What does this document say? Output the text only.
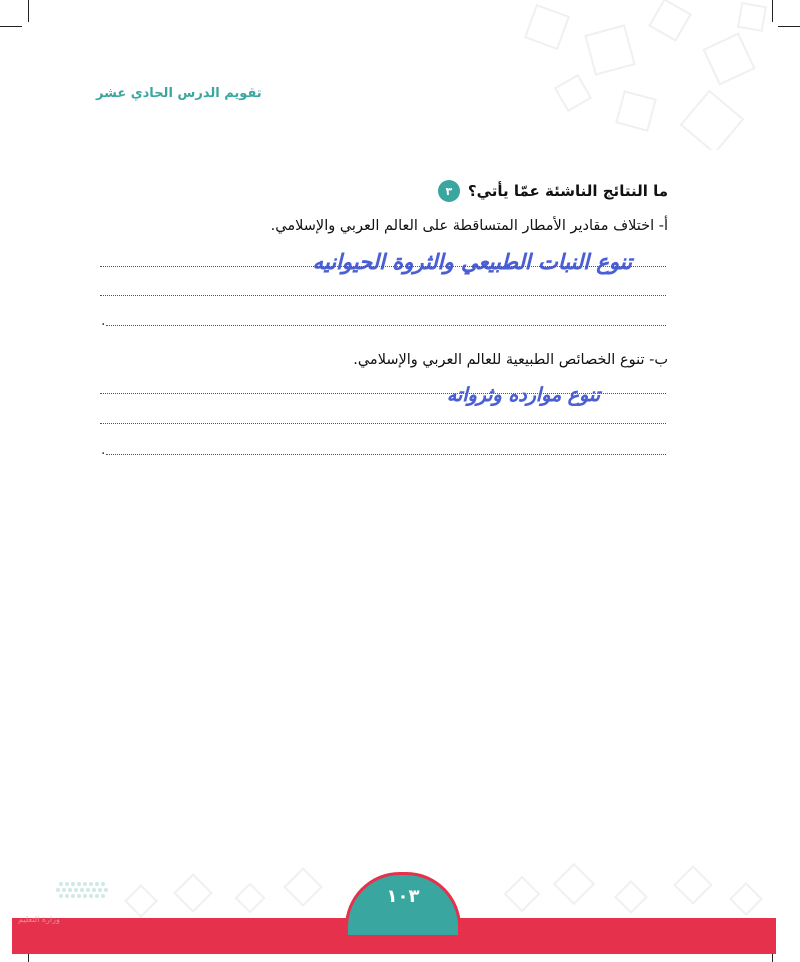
تقويم الدرس الحادي عشر
٣	ما النتائج الناشئة عمّا يأتي؟
أ- اختلاف مقادير الأمطار المتساقطة على العالم العربي والإسلامي.
تنوع النبات الطبيعي والثروة الحيوانيه
.
ب- تنوع الخصائص الطبيعية للعالم العربي والإسلامي.
تنوع موارده وثرواته
.
١٠٣
وزارة التعليم
